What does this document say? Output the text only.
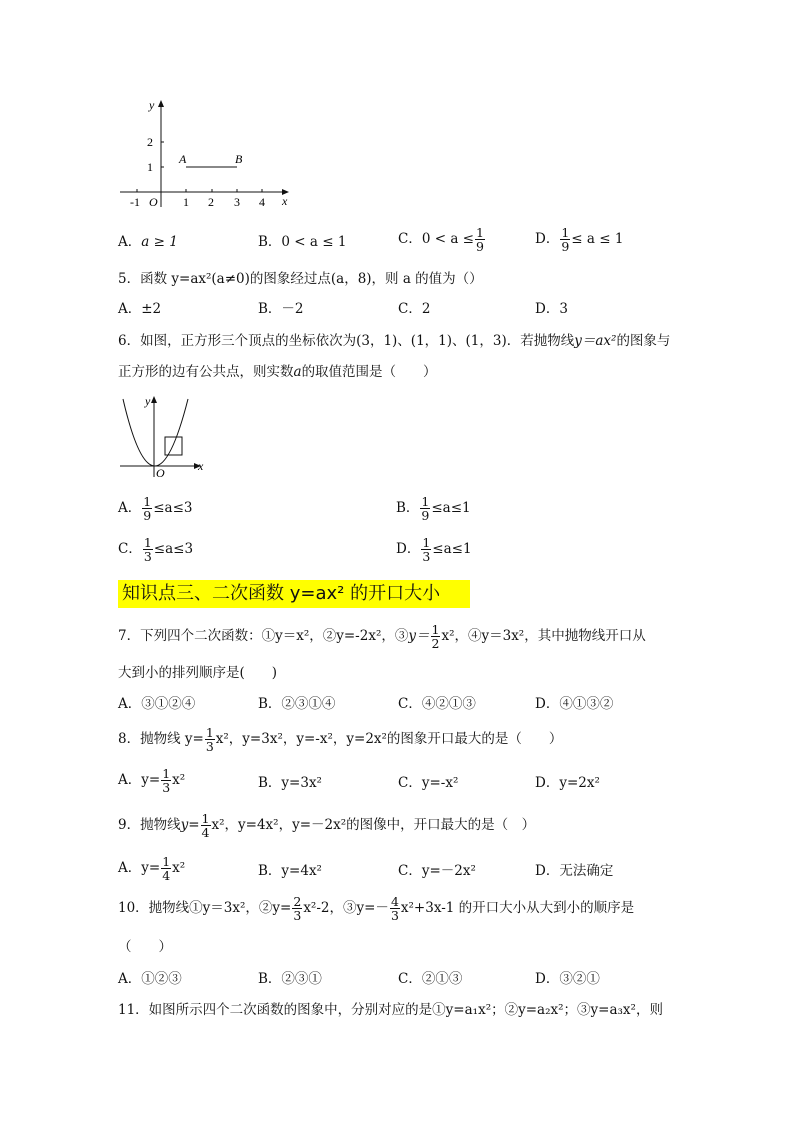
y
x
O
-1	1 2 3 4
1
2
A	B
A．a ≥ 1	B．0 < a ≤ 1	C．$0 < a \le \frac{1}{9}$	D． $\frac{1}{9} \le a \le 1$
5．函数 y=ax²(a≠0)的图象经过点(a，8)，则 a 的值为（）
A．±2	B．－2	C．2	D．3
6．如图，正方形三个顶点的坐标依次为(3，1)、(1，1)、(1，3)．若抛物线y＝ax²的图象与
正方形的边有公共点，则实数a的取值范围是（　　）
y
x
O
A． $\frac{1}{9} \le a\le 3$	B． $\frac{1}{9} \le a\le 1$
C． $\frac{1}{3} \le a\le 3$	D． $\frac{1}{3} \le a\le 1$
知识点三、二次函数 y=ax² 的开口大小
7．下列四个二次函数：①y＝x²，②y=-2x²，③y＝ $\frac{1}{2} x^2$，④y＝3x²，其中抛物线开口从
大到小的排列顺序是(　　)
A．③①②④	B．②③①④	C．④②①③	D．④①③②
8．抛物线 $y= \frac{1}{3} x^2$，y=3x²，y=-x²，y=2x²的图象开口最大的是（　　）
A．$y= \frac{1}{3} x^2$	B．y=3x²	C．y=-x²	D．y=2x²
9．抛物线$y= \frac{1}{4} x^2$，y=4x²，y=－2x²的图像中，开口最大的是（　）
A．$y= \frac{1}{4} x^2$	B．y=4x²	C．y=－2x²	D．无法确定
10．抛物线①y＝3x²，②y= $\frac{2}{3} x^2-2$，③y=－ $\frac{4}{3} x^2+3x-1$ 的开口大小从大到小的顺序是
（　　）
A．①②③	B．②③①	C．②①③	D．③②①
11．如图所示四个二次函数的图象中，分别对应的是①y=a₁x²；②y=a₂x²；③y=a₃x²，则
